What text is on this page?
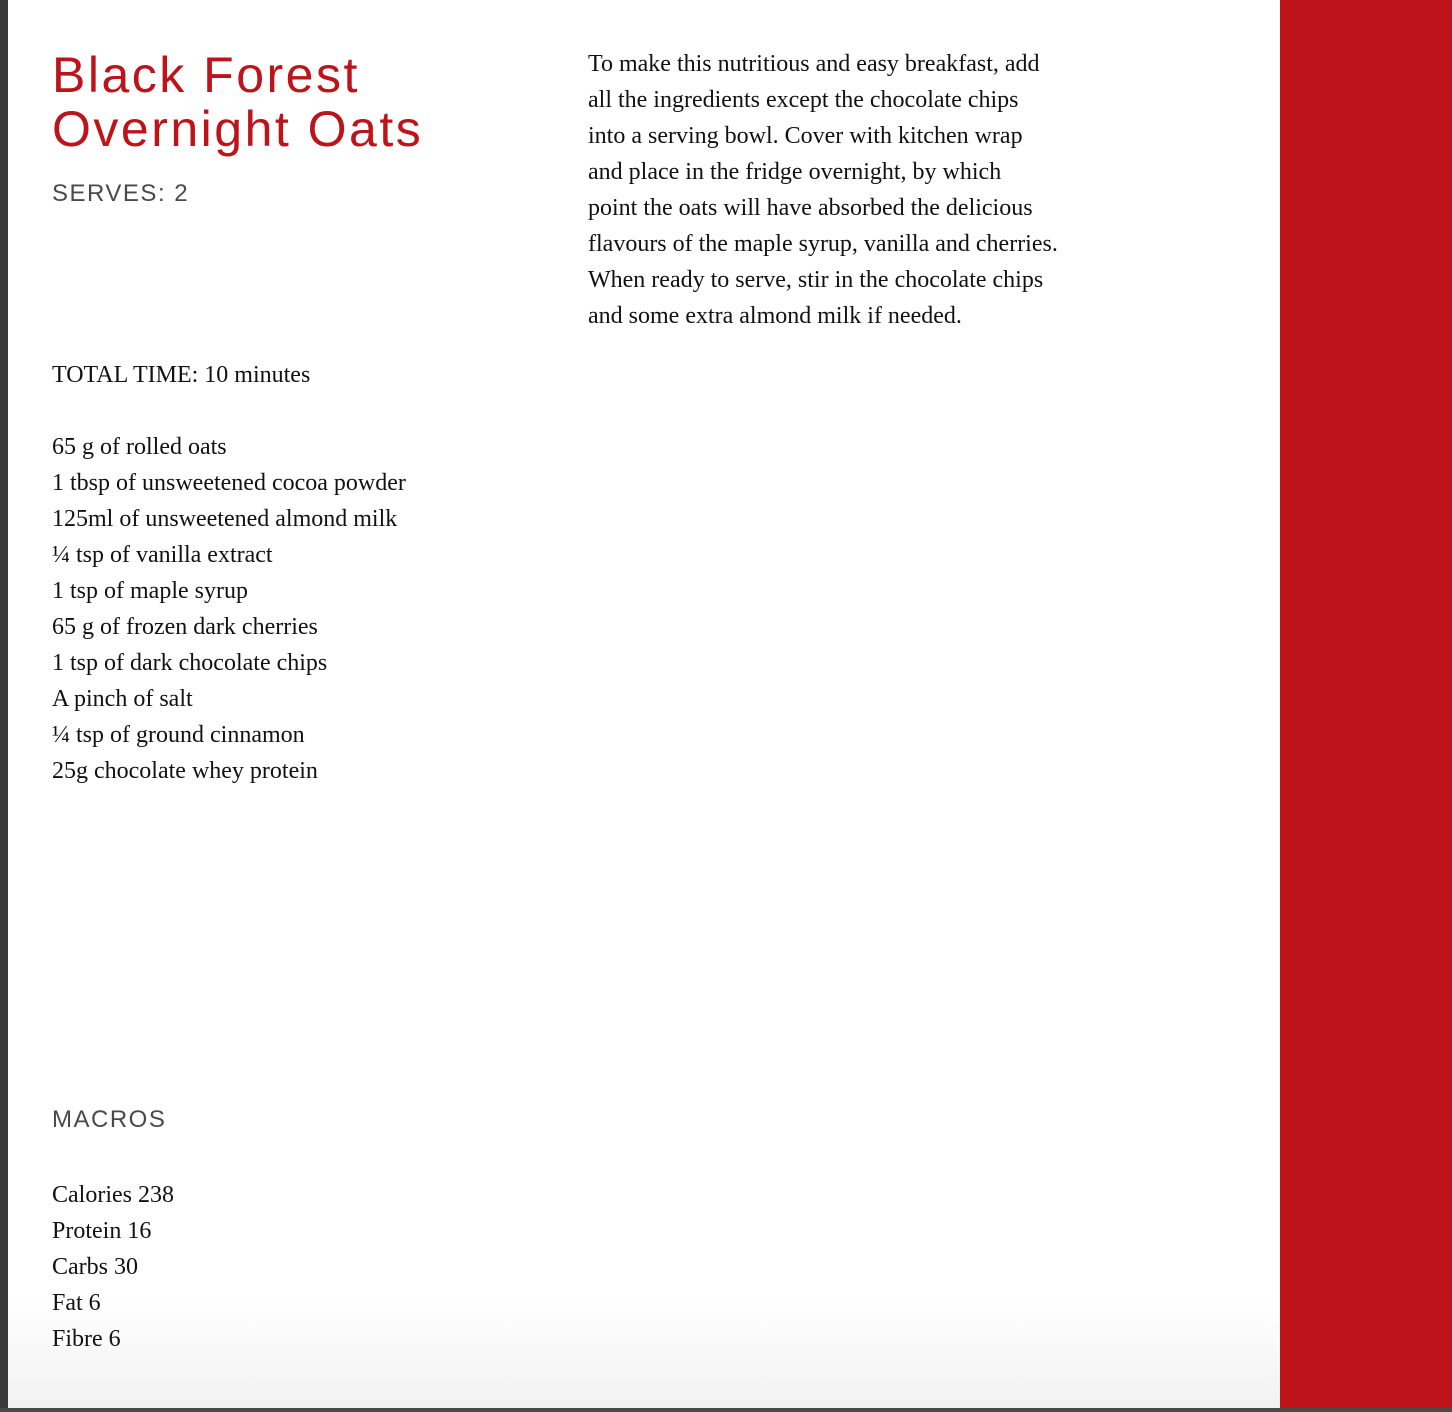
Black Forest
Overnight Oats
SERVES: 2
TOTAL TIME: 10 minutes
65 g of rolled oats
1 tbsp of unsweetened cocoa powder
125ml of unsweetened almond milk
¼ tsp of vanilla extract
1 tsp of maple syrup
65 g of frozen dark cherries
1 tsp of dark chocolate chips
A pinch of salt
¼ tsp of ground cinnamon
25g chocolate whey protein
MACROS
Calories 238
Protein 16
Carbs 30
Fat 6
Fibre 6

To make this nutritious and easy breakfast, add
all the ingredients except the chocolate chips
into a serving bowl. Cover with kitchen wrap
and place in the fridge overnight, by which
point the oats will have absorbed the delicious
flavours of the maple syrup, vanilla and cherries.
When ready to serve, stir in the chocolate chips
and some extra almond milk if needed.
